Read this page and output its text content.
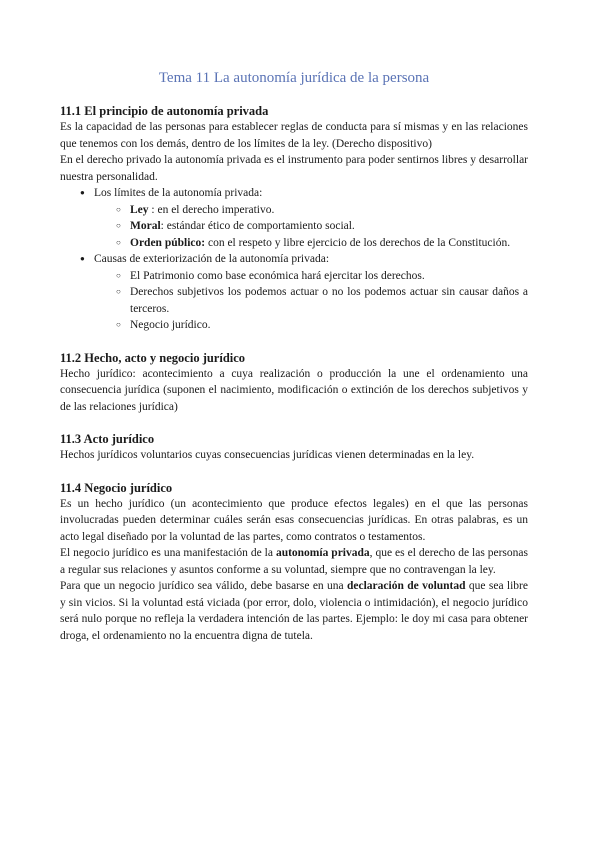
Tema 11 La autonomía jurídica de la persona
11.1 El principio de autonomía privada

Es la capacidad de las personas para establecer reglas de conducta para sí mismas y en las relaciones que tenemos con los demás, dentro de los límites de la ley. (Derecho dispositivo)

En el derecho privado la autonomía privada es el instrumento para poder sentirnos libres y desarrollar nuestra personalidad.

● Los límites de la autonomía privada:
○ Ley : en el derecho imperativo.
○ Moral: estándar ético de comportamiento social.
○ Orden público: con el respeto y libre ejercicio de los derechos de la Constitución.
● Causas de exteriorización de la autonomía privada:
○ El Patrimonio como base económica hará ejercitar los derechos.
○ Derechos subjetivos los podemos actuar o no los podemos actuar sin causar daños a terceros.
○ Negocio jurídico.
11.2 Hecho, acto y negocio jurídico

Hecho jurídico: acontecimiento a cuya realización o producción la une el ordenamiento una consecuencia jurídica (suponen el nacimiento, modificación o extinción de los derechos subjetivos y de las relaciones jurídica)

11.3 Acto jurídico

Hechos jurídicos voluntarios cuyas consecuencias jurídicas vienen determinadas en la ley.

11.4 Negocio jurídico

Es un hecho jurídico (un acontecimiento que produce efectos legales) en el que las personas involucradas pueden determinar cuáles serán esas consecuencias jurídicas. En otras palabras, es un acto legal diseñado por la voluntad de las partes, como contratos o testamentos.

El negocio jurídico es una manifestación de la autonomía privada, que es el derecho de las personas a regular sus relaciones y asuntos conforme a su voluntad, siempre que no contravengan la ley.

Para que un negocio jurídico sea válido, debe basarse en una declaración de voluntad que sea libre y sin vicios. Si la voluntad está viciada (por error, dolo, violencia o intimidación), el negocio jurídico será nulo porque no refleja la verdadera intención de las partes. Ejemplo: le doy mi casa para obtener droga, el ordenamiento no la encuentra digna de tutela.
